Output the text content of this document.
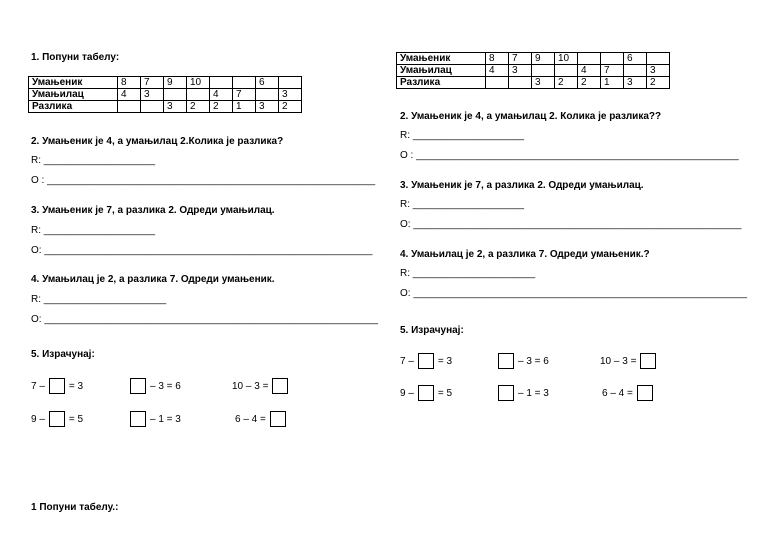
1. Попуни табелу:
Умањеник	8	7	9	10			6	
Умањилац	4	3			4	7		3
Разлика			3	2	2	1	3	2
2. Умањеник је 4, а умањилац 2.Колика је разлика?
R: ____________________
O : ___________________________________________________________
3. Умањеник је 7, а разлика 2. Одреди умањилац.
R: ____________________
O: ___________________________________________________________
4. Умањилац је 2, а разлика 7. Одреди умањеник.
R: ______________________
O: ____________________________________________________________
5. Израчунај:
7 – = 3	– 3 = 6	10 – 3 =
9 – = 5	– 1 = 3	6 – 4 =
Умањеник	8	7	9	10			6	
Умањилац	4	3			4	7		3
Разлика			3	2	2	1	3	2
2. Умањеник је 4, а умањилац 2. Колика је разлика??
R: ____________________
O : __________________________________________________________
3. Умањеник је 7, а разлика 2. Одреди умањилац.
R: ____________________
O: ___________________________________________________________
4. Умањилац је 2, а разлика 7. Одреди умањеник.?
R: ______________________
O: ____________________________________________________________
5. Израчунај:
7 – = 3	– 3 = 6	10 – 3 =
9 – = 5	– 1 = 3	6 – 4 =
1 Попуни табелу.:
